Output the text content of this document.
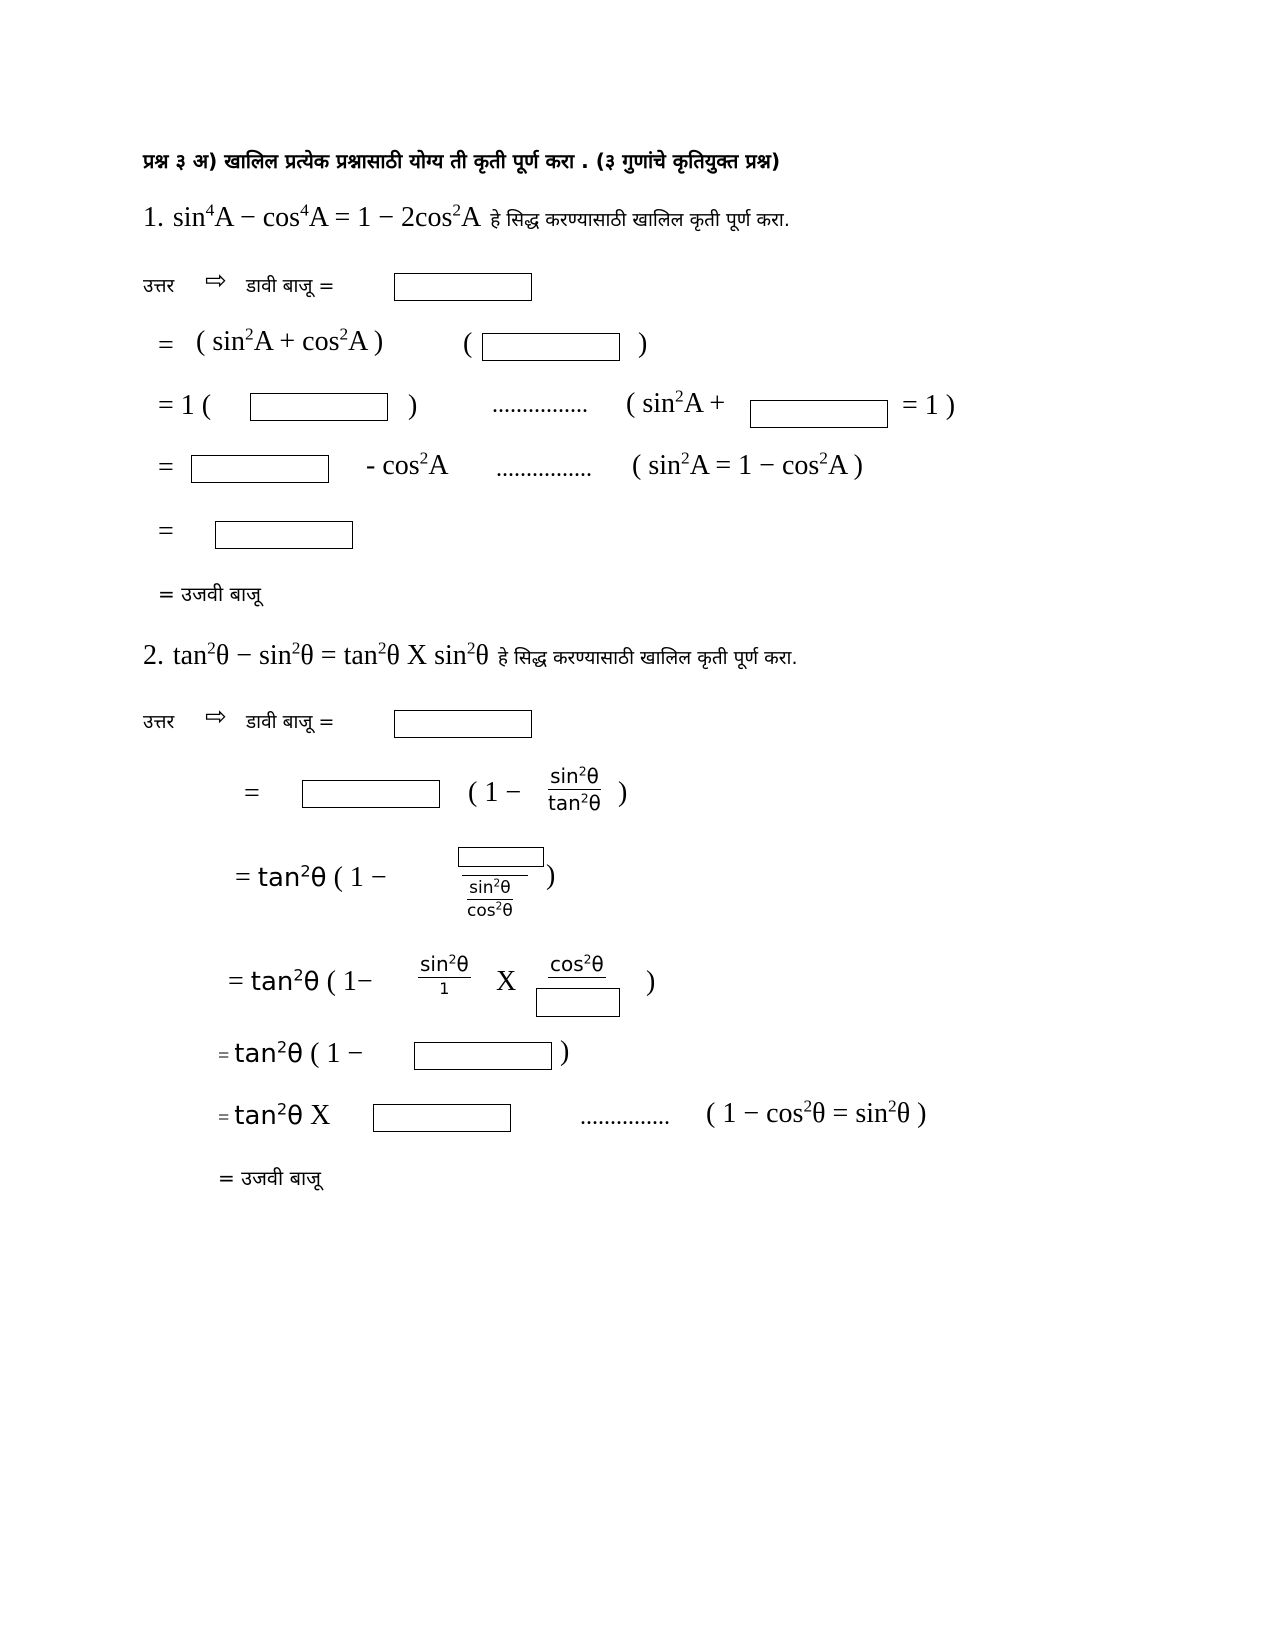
प्रश्न ३ अ) खालिल प्रत्येक प्रश्नासाठी योग्य ती कृती पूर्ण करा . (३ गुणांचे कृतियुक्त प्रश्न)
1. $\sin^4A - \cos^4A = 1 - 2\cos^2A$ हे सिद्ध करण्यासाठी खालिल कृती पूर्ण करा.
उत्तर ⇨ डावी बाजू =
= ( $\sin^2A + \cos^2A$ )	(	)
= 1 (	)	................ ( $\sin^2A$ +	= 1 )
=	- $\cos^2A$ ................ ( $\sin^2A = 1 - \cos^2A$ )
=
= उजवी बाजू
2. $\tan^2\theta - \sin^2\theta = \tan^2\theta$ X $\sin^2\theta$ हे सिद्ध करण्यासाठी खालिल कृती पूर्ण करा.
उत्तर ⇨ डावी बाजू =
=	( $1 - \frac{\sin^2\theta}{\tan^2\theta}$ )
= $\tan^2\theta$ ( 1 −
$\frac{\sin^2\theta}{\cos^2\theta}$
)
= $\tan^2\theta$ ( 1−
$\sin^2\theta$
1 X
$\cos^2\theta$
)
= $\tan^2\theta$ ( 1 −	)
= $\tan^2\theta$ X	............... ( $1 - \cos^2\theta = \sin^2\theta$ )
= उजवी बाजू
